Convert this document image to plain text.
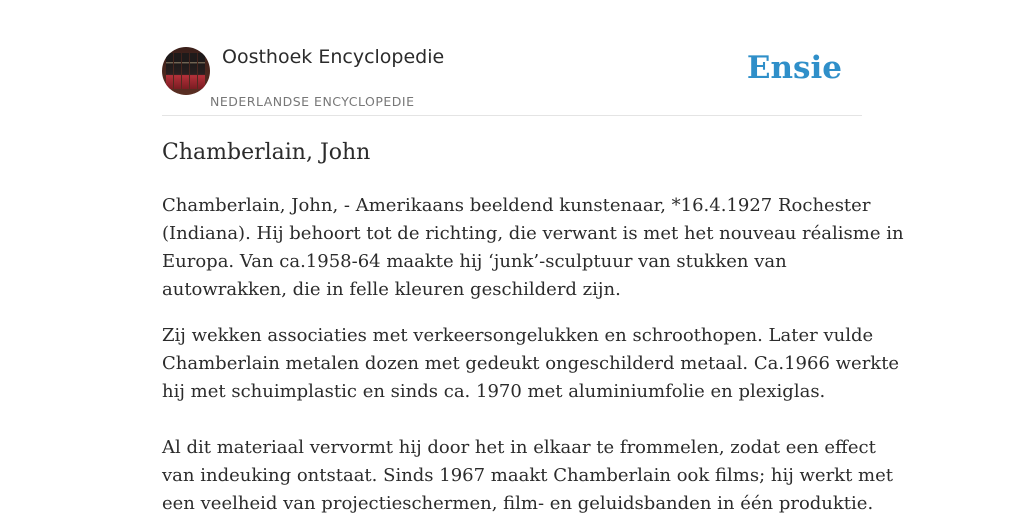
Oosthoek Encyclopedie
NEDERLANDSE ENCYCLOPEDIE
Ensie
Chamberlain, John

Chamberlain, John, - Amerikaans beeldend kunstenaar, *16.4.1927 Rochester

(Indiana). Hij behoort tot de richting, die verwant is met het nouveau réalisme in

Europa. Van ca.1958-64 maakte hij ‘junk’-sculptuur van stukken van

autowrakken, die in felle kleuren geschilderd zijn.

Zij wekken associaties met verkeersongelukken en schroothopen. Later vulde

Chamberlain metalen dozen met gedeukt ongeschilderd metaal. Ca.1966 werkte

hij met schuimplastic en sinds ca. 1970 met aluminiumfolie en plexiglas.

Al dit materiaal vervormt hij door het in elkaar te frommelen, zodat een effect

van indeuking ontstaat. Sinds 1967 maakt Chamberlain ook films; hij werkt met

een veelheid van projectieschermen, film- en geluidsbanden in één produktie.
